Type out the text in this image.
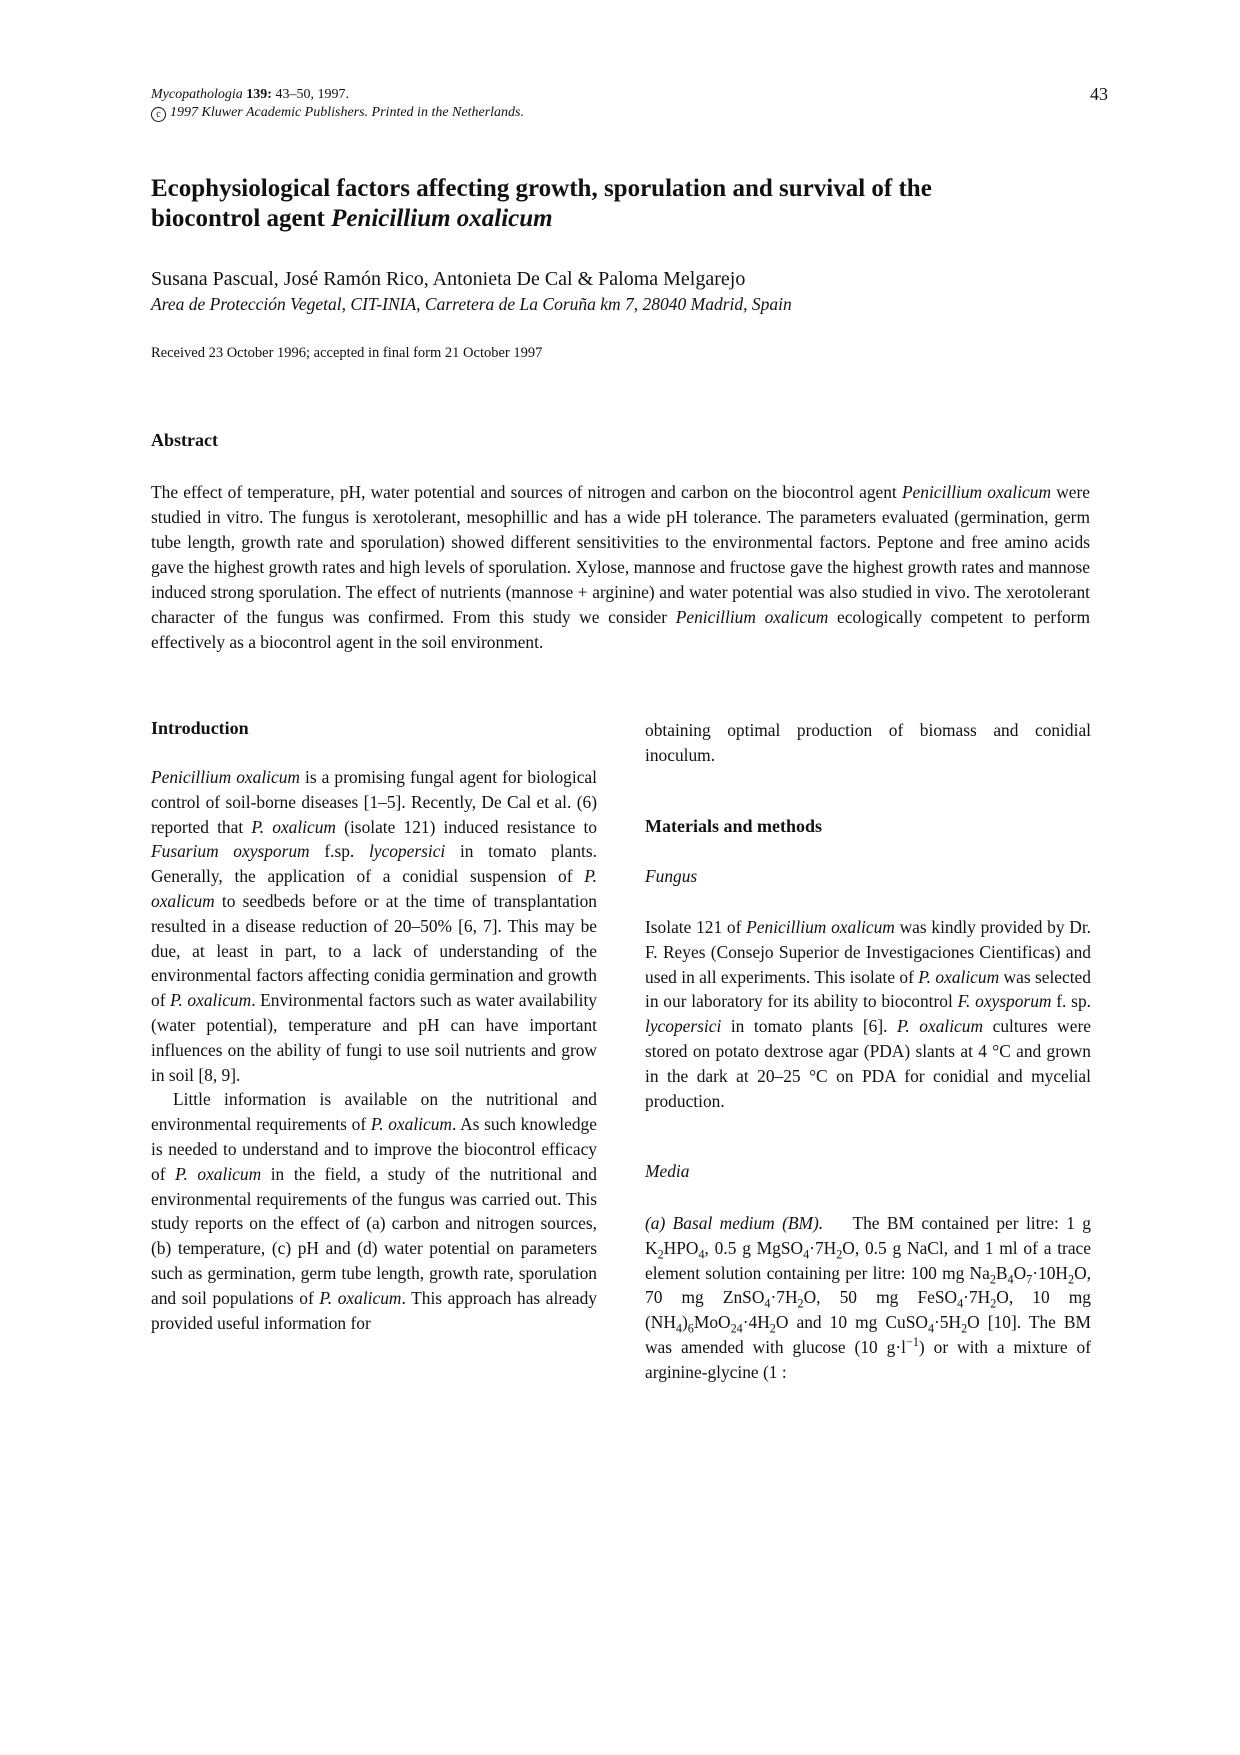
Mycopathologia 139: 43–50, 1997.
c 1997 Kluwer Academic Publishers. Printed in the Netherlands.
43
Ecophysiological factors affecting growth, sporulation and survival of the
biocontrol agent Penicillium oxalicum
Susana Pascual, José Ramón Rico, Antonieta De Cal & Paloma Melgarejo
Area de Protección Vegetal, CIT-INIA, Carretera de La Coruña km 7, 28040 Madrid, Spain
Received 23 October 1996; accepted in final form 21 October 1997
Abstract
The effect of temperature, pH, water potential and sources of nitrogen and carbon on the biocontrol agent Penicillium oxalicum were studied in vitro. The fungus is xerotolerant, mesophillic and has a wide pH tolerance. The parameters evaluated (germination, germ tube length, growth rate and sporulation) showed different sensitivities to the environmental factors. Peptone and free amino acids gave the highest growth rates and high levels of sporulation. Xylose, mannose and fructose gave the highest growth rates and mannose induced strong sporulation. The effect of nutrients (mannose + arginine) and water potential was also studied in vivo. The xerotolerant character of the fungus was confirmed. From this study we consider Penicillium oxalicum ecologically competent to perform effectively as a biocontrol agent in the soil environment.
Introduction

Penicillium oxalicum is a promising fungal agent for biological control of soil-borne diseases [1–5]. Recently, De Cal et al. (6) reported that P. oxalicum (isolate 121) induced resistance to Fusarium oxysporum f.sp. lycopersici in tomato plants. Generally, the application of a conidial suspension of P. oxalicum to seedbeds before or at the time of transplantation resulted in a disease reduction of 20–50% [6, 7]. This may be due, at least in part, to a lack of understanding of the environmental factors affecting conidia germination and growth of P. oxalicum. Environmental factors such as water availability (water potential), temperature and pH can have important influences on the ability of fungi to use soil nutrients and grow in soil [8, 9].

Little information is available on the nutritional and environmental requirements of P. oxalicum. As such knowledge is needed to understand and to improve the biocontrol efficacy of P. oxalicum in the field, a study of the nutritional and environmental requirements of the fungus was carried out. This study reports on the effect of (a) carbon and nitrogen sources, (b) temperature, (c) pH and (d) water potential on parameters such as germination, germ tube length, growth rate, sporulation and soil populations of P. oxalicum. This approach has already provided useful information for

obtaining optimal production of biomass and conidial inoculum.
Materials and methods
Fungus
Isolate 121 of Penicillium oxalicum was kindly provided by Dr. F. Reyes (Consejo Superior de Investigaciones Cientificas) and used in all experiments. This isolate of P. oxalicum was selected in our laboratory for its ability to biocontrol F. oxysporum f. sp. lycopersici in tomato plants [6]. P. oxalicum cultures were stored on potato dextrose agar (PDA) slants at 4 °C and grown in the dark at 20–25 °C on PDA for conidial and mycelial production.
Media
(a) Basal medium (BM). The BM contained per litre: 1 g $K_2HPO_4$, 0.5 g $MgSO_4\cdot 7H_2O$, 0.5 g NaCl, and 1 ml of a trace element solution containing per litre: 100 mg $Na_2B_4O_7\cdot 10H_2O$, 70 mg $ZnSO_4\cdot 7H_2O$, 50 mg $FeSO_4\cdot 7H_2O$, 10 mg $(NH_4)_6MoO_{24}\cdot 4H_2O$ and 10 mg $CuSO_4\cdot 5H_2O$ [10]. The BM was amended with glucose (10 $g\cdot l^{-1}$) or with a mixture of arginine-glycine (1 :
